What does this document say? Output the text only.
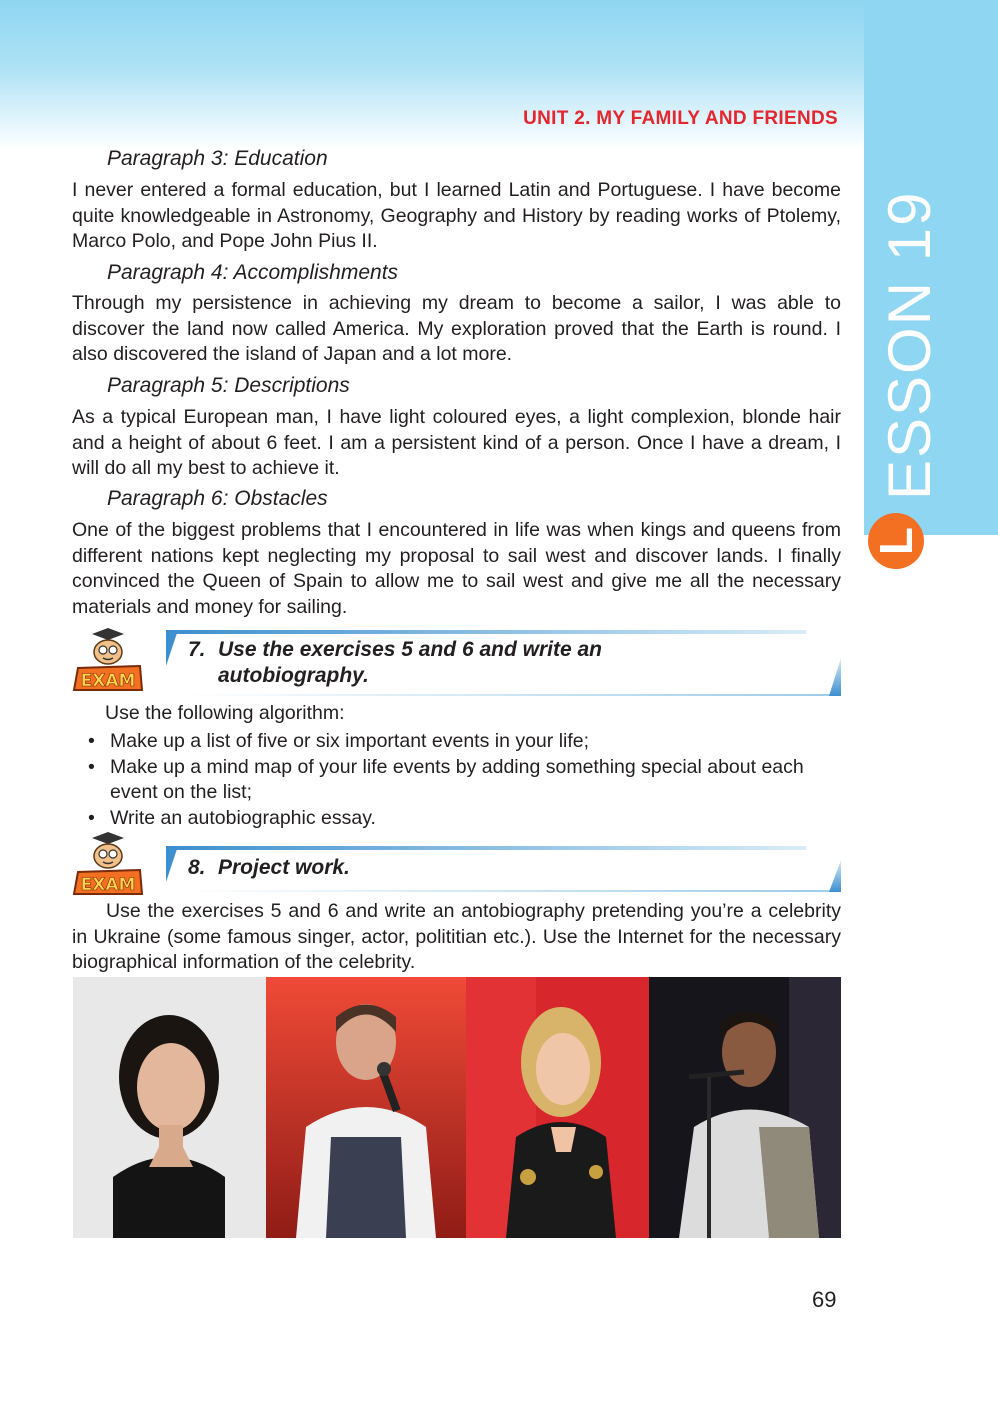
UNIT 2. MY FAMILY AND FRIENDS
ESSON 19
L
Paragraph 3: Education
I never entered a formal education, but I learned Latin and Portuguese. I have become quite knowledgeable in Astronomy, Geography and History by reading works of Ptolemy, Marco Polo, and Pope John Pius II.
Paragraph 4: Accomplishments
Through my persistence in achieving my dream to become a sailor, I was able to discover the land now called America. My exploration proved that the Earth is round. I also discovered the island of Japan and a lot more.
Paragraph 5: Descriptions
As a typical European man, I have light coloured eyes, a light complexion, blonde hair and a height of about 6 feet. I am a persistent kind of a person. Once I have a dream, I will do all my best to achieve it.
Paragraph 6: Obstacles
One of the biggest problems that I encountered in life was when kings and queens from different nations kept neglecting my proposal to sail west and discover lands. I finally convinced the Queen of Spain to allow me to sail west and give me all the necessary materials and money for sailing.
EXAM
7. Use the exercises 5 and 6 and write an
autobiography.
Use the following algorithm:
• Make up a list of five or six important events in your life;
• Make up a mind map of your life events by adding something special about each event on the list;
• Write an autobiographic essay.
EXAM
8. Project work.
Use the exercises 5 and 6 and write an antobiography pretending you’re a celebrity in Ukraine (some famous singer, actor, polititian etc.). Use the Internet for the necessary biographical information of the celebrity.
69
